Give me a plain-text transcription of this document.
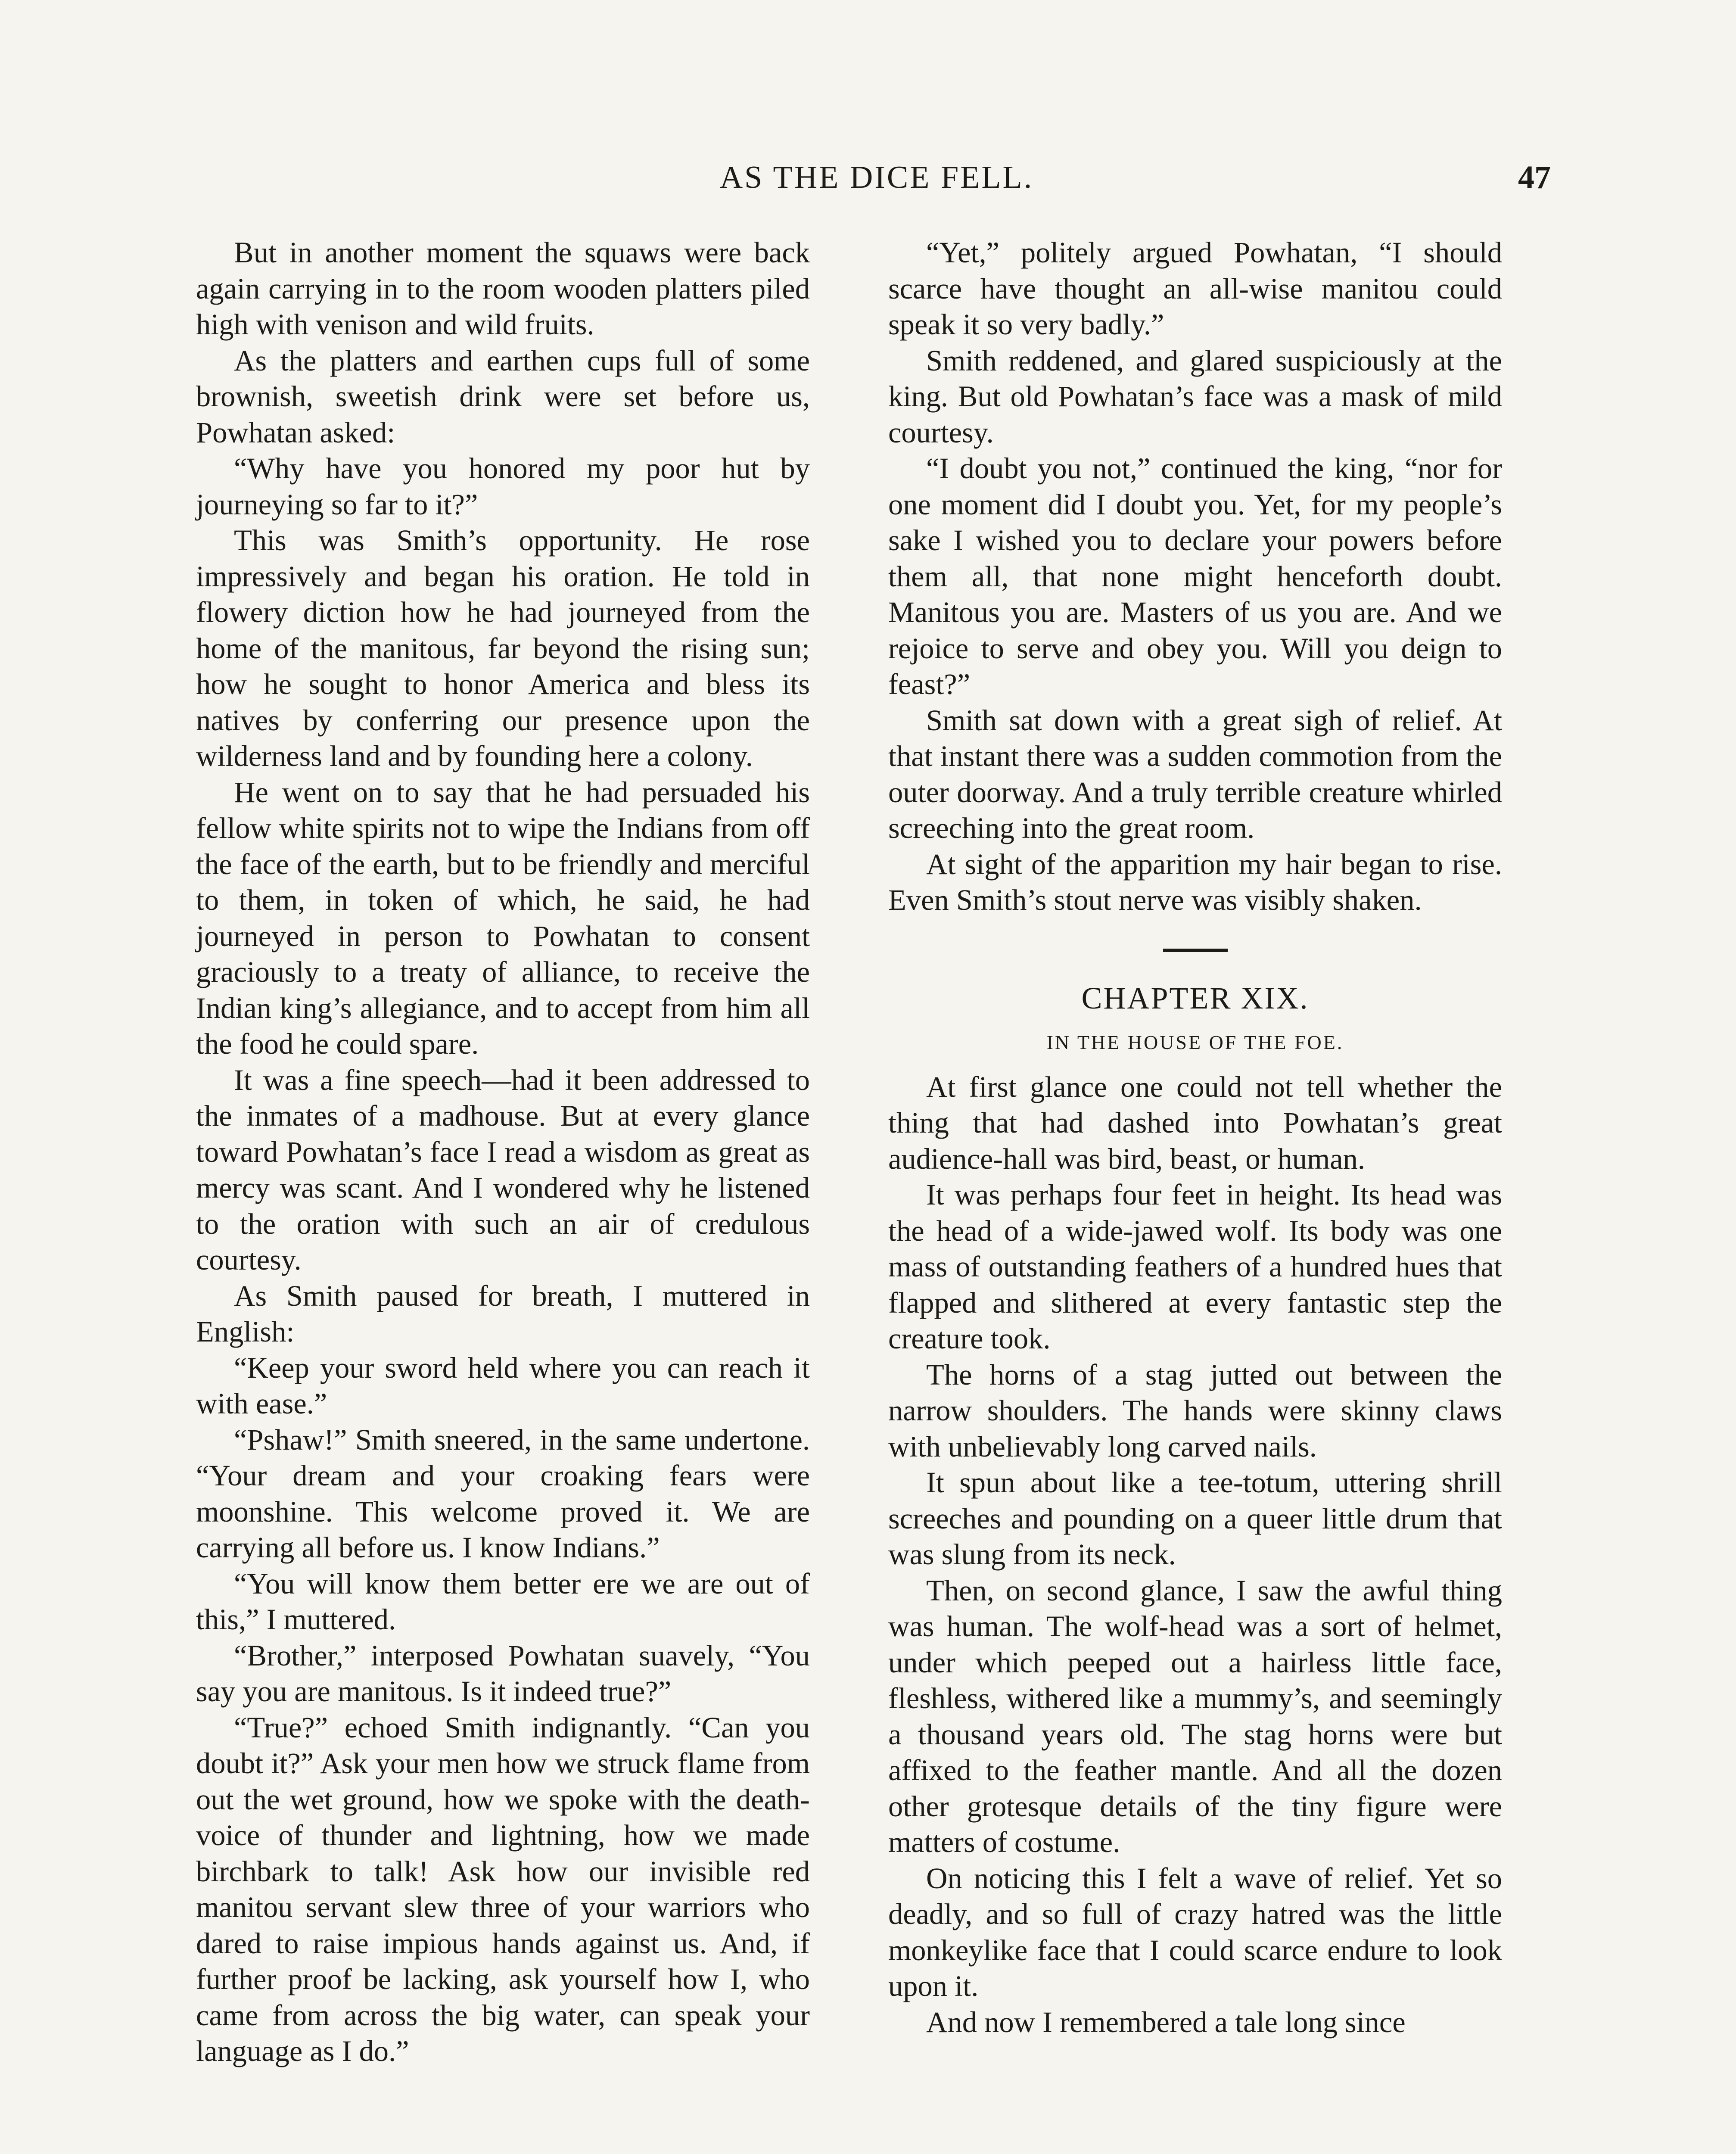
AS THE DICE FELL.	47

But in another moment the squaws were back again carrying in to the room wooden platters piled high with venison and wild fruits.

As the platters and earthen cups full of some brownish, sweetish drink were set before us, Powhatan asked:

“Why have you honored my poor hut by journeying so far to it?”

This was Smith’s opportunity. He rose impressively and began his oration. He told in flowery diction how he had journeyed from the home of the manitous, far beyond the rising sun; how he sought to honor America and bless its natives by conferring our presence upon the wilderness land and by founding here a colony.

He went on to say that he had persuaded his fellow white spirits not to wipe the Indians from off the face of the earth, but to be friendly and merciful to them, in token of which, he said, he had journeyed in person to Powhatan to consent graciously to a treaty of alliance, to receive the Indian king’s allegiance, and to accept from him all the food he could spare.

It was a fine speech—had it been addressed to the inmates of a madhouse. But at every glance toward Powhatan’s face I read a wisdom as great as mercy was scant. And I wondered why he listened to the oration with such an air of credulous courtesy.

As Smith paused for breath, I muttered in English:

“Keep your sword held where you can reach it with ease.”

“Pshaw!” Smith sneered, in the same undertone. “Your dream and your croaking fears were moonshine. This welcome proved it. We are carrying all before us. I know Indians.”

“You will know them better ere we are out of this,” I muttered.

“Brother,” interposed Powhatan suavely, “You say you are manitous. Is it indeed true?”

“True?” echoed Smith indignantly. “Can you doubt it?” Ask your men how we struck flame from out the wet ground, how we spoke with the death-voice of thunder and lightning, how we made birchbark to talk! Ask how our invisible red manitou servant slew three of your warriors who dared to raise impious hands against us. And, if further proof be lacking, ask yourself how I, who came from across the big water, can speak your language as I do.”

“Yet,” politely argued Powhatan, “I should scarce have thought an all-wise manitou could speak it so very badly.”

Smith reddened, and glared suspiciously at the king. But old Powhatan’s face was a mask of mild courtesy.

“I doubt you not,” continued the king, “nor for one moment did I doubt you. Yet, for my people’s sake I wished you to declare your powers before them all, that none might henceforth doubt. Manitous you are. Masters of us you are. And we rejoice to serve and obey you. Will you deign to feast?”

Smith sat down with a great sigh of relief. At that instant there was a sudden commotion from the outer doorway. And a truly terrible creature whirled screeching into the great room.

At sight of the apparition my hair began to rise. Even Smith’s stout nerve was visibly shaken.

CHAPTER XIX.
IN THE HOUSE OF THE FOE.

At first glance one could not tell whether the thing that had dashed into Powhatan’s great audience-hall was bird, beast, or human.

It was perhaps four feet in height. Its head was the head of a wide-jawed wolf. Its body was one mass of outstanding feathers of a hundred hues that flapped and slithered at every fantastic step the creature took.

The horns of a stag jutted out between the narrow shoulders. The hands were skinny claws with unbelievably long carved nails.

It spun about like a tee-totum, uttering shrill screeches and pounding on a queer little drum that was slung from its neck.

Then, on second glance, I saw the awful thing was human. The wolf-head was a sort of helmet, under which peeped out a hairless little face, fleshless, withered like a mummy’s, and seemingly a thousand years old. The stag horns were but affixed to the feather mantle. And all the dozen other grotesque details of the tiny figure were matters of costume.

On noticing this I felt a wave of relief. Yet so deadly, and so full of crazy hatred was the little monkeylike face that I could scarce endure to look upon it.

And now I remembered a tale long since
